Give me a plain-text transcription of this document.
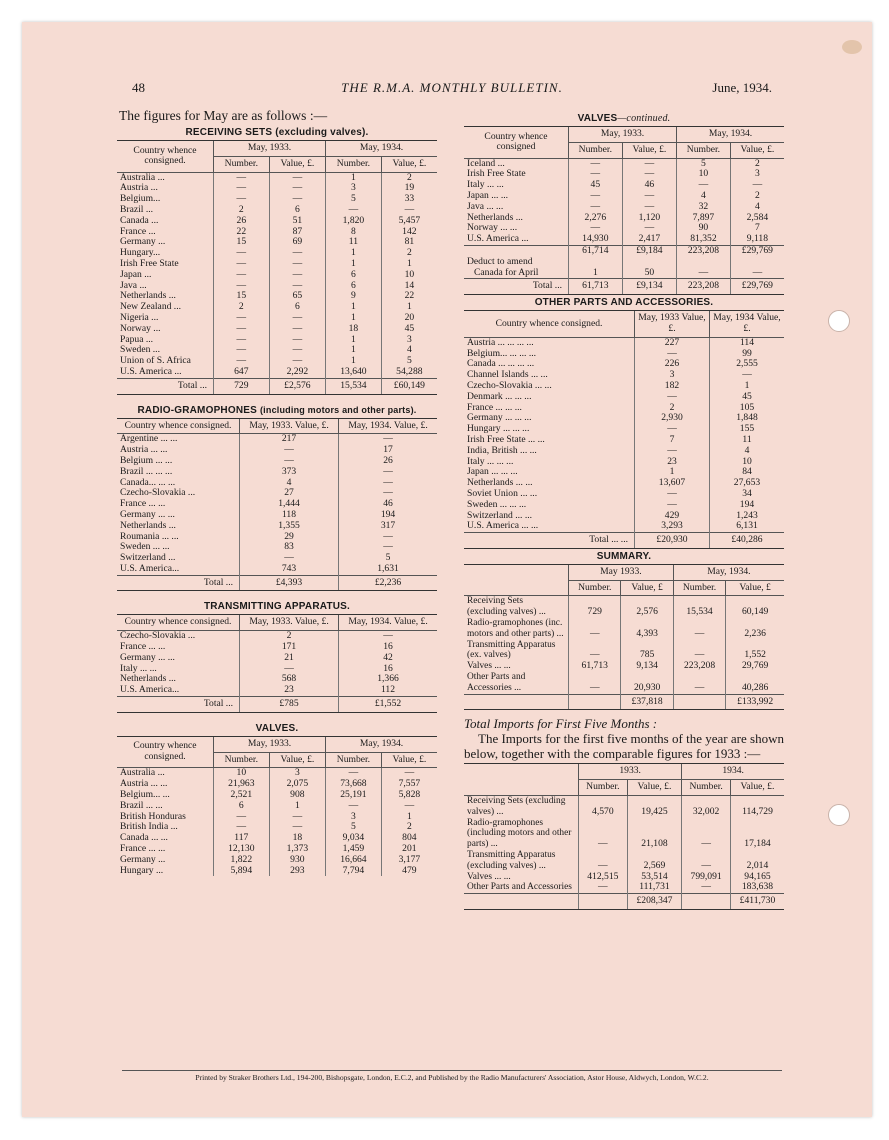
48	THE R.M.A. MONTHLY BULLETIN.	June, 1934.
The figures for May are as follows :—
RECEIVING SETS (excluding valves).
Country whence consigned.	May, 1933.		May, 1934.	
	Number.	Value, £.	Number.	Value, £.
Australia ...	—	—	1	2
Austria ...	—	—	3	19
Belgium...	—	—	5	33
Brazil ...	2	6	—	—
Canada ...	26	51	1,820	5,457
France ...	22	87	8	142
Germany ...	15	69	11	81
Hungary...	—	—	1	2
Irish Free State	—	—	1	1
Japan ...	—	—	6	10
Java ...	—	—	6	14
Netherlands ...	15	65	9	22
New Zealand ...	2	6	1	1
Nigeria ...	—	—	1	20
Norway ...	—	—	18	45
Papua ...	—	—	1	3
Sweden ...	—	—	1	4
Union of S. Africa	—	—	1	5
U.S. America ...	647	2,292	13,640	54,288
Total ...	729	£2,576	15,534	£60,149
RADIO-GRAMOPHONES (including motors and other parts).
Country whence consigned.	May, 1933. Value, £.	May, 1934. Value, £.
Argentine ... ...	217	—
Austria ... ...	—	17
Belgium ... ...	—	26
Brazil ... ... ...	373	—
Canada... ... ...	4	—
Czecho-Slovakia ...	27	—
France ... ...	1,444	46
Germany ... ...	118	194
Netherlands ...	1,355	317
Roumania ... ...	29	—
Sweden ... ...	83	—
Switzerland ...	—	5
U.S. America...	743	1,631
Total ...	£4,393	£2,236
TRANSMITTING APPARATUS.
Country whence consigned.	May, 1933. Value, £.	May, 1934. Value, £.
Czecho-Slovakia ...	2	—
France ... ...	171	16
Germany ... ...	21	42
Italy ... ...	—	16
Netherlands ...	568	1,366
U.S. America...	23	112
Total ...	£785	£1,552
VALVES.
Country whence consigned.	May, 1933.		May, 1934.	
	Number.	Value, £.	Number.	Value, £.
Australia ...	10	3	—	—
Austria ... ...	21,963	2,075	73,668	7,557
Belgium... ...	2,521	908	25,191	5,828
Brazil ... ...	6	1	—	—
British Honduras	—	—	3	1
British India ...	—	—	5	2
Canada ... ...	117	18	9,034	804
France ... ...	12,130	1,373	1,459	201
Germany ...	1,822	930	16,664	3,177
Hungary ...	5,894	293	7,794	479
VALVES—continued.
Country whence consigned	May, 1933.		May, 1934.	
	Number.	Value, £.	Number.	Value, £.
Iceland ...	—	—	5	2
Irish Free State	—	—	10	3
Italy ... ...	45	46	—	—
Japan ... ...	—	—	4	2
Java ... ...	—	—	32	4
Netherlands ...	2,276	1,120	7,897	2,584
Norway ... ...	—	—	90	7
U.S. America ...	14,930	2,417	81,352	9,118
	61,714	£9,184	223,208	£29,769
Deduct to amend				
Canada for April	1	50	—	—
Total ...	61,713	£9,134	223,208	£29,769
OTHER PARTS AND ACCESSORIES.
Country whence consigned.	May, 1933 Value, £.	May, 1934 Value, £.
Austria ... ... ... ...	227	114
Belgium... ... ... ...	—	99
Canada ... ... ... ...	226	2,555
Channel Islands ... ...	3	—
Czecho-Slovakia ... ...	182	1
Denmark ... ... ...	—	45
France ... ... ...	2	105
Germany ... ... ...	2,930	1,848
Hungary ... ... ...	—	155
Irish Free State ... ...	7	11
India, British ... ...	—	4
Italy ... ... ...	23	10
Japan ... ... ...	1	84
Netherlands ... ...	13,607	27,653
Soviet Union ... ...	—	34
Sweden ... ... ...	—	194
Switzerland ... ...	429	1,243
U.S. America ... ...	3,293	6,131
Total ... ...	£20,930	£40,286
SUMMARY.
	May 1933.		May, 1934.	
	Number.	Value, £	Number.	Value, £
Receiving Sets (excluding valves) ...	729	2,576	15,534	60,149
Radio-gramophones (inc. motors and other parts) ...	—	4,393	—	2,236
Transmitting Apparatus (ex. valves)	—	785	—	1,552
Valves ... ...	61,713	9,134	223,208	29,769
Other Parts and Accessories ...	—	20,930	—	40,286
		£37,818		£133,992
Total Imports for First Five Months :
The Imports for the first five months of the year are shown below, together with the comparable figures for 1933 :—
	1933.		1934.	
	Number.	Value, £.	Number.	Value, £.
Receiving Sets (excluding valves) ...	4,570	19,425	32,002	114,729
Radio-gramophones (including motors and other parts) ...	—	21,108	—	17,184
Transmitting Apparatus (excluding valves) ...	—	2,569	—	2,014
Valves ... ...	412,515	53,514	799,091	94,165
Other Parts and Accessories	—	111,731	—	183,638
		£208,347		£411,730
Printed by Straker Brothers Ltd., 194-200, Bishopsgate, London, E.C.2, and Published by the Radio Manufacturers' Association, Astor House, Aldwych, London, W.C.2.
